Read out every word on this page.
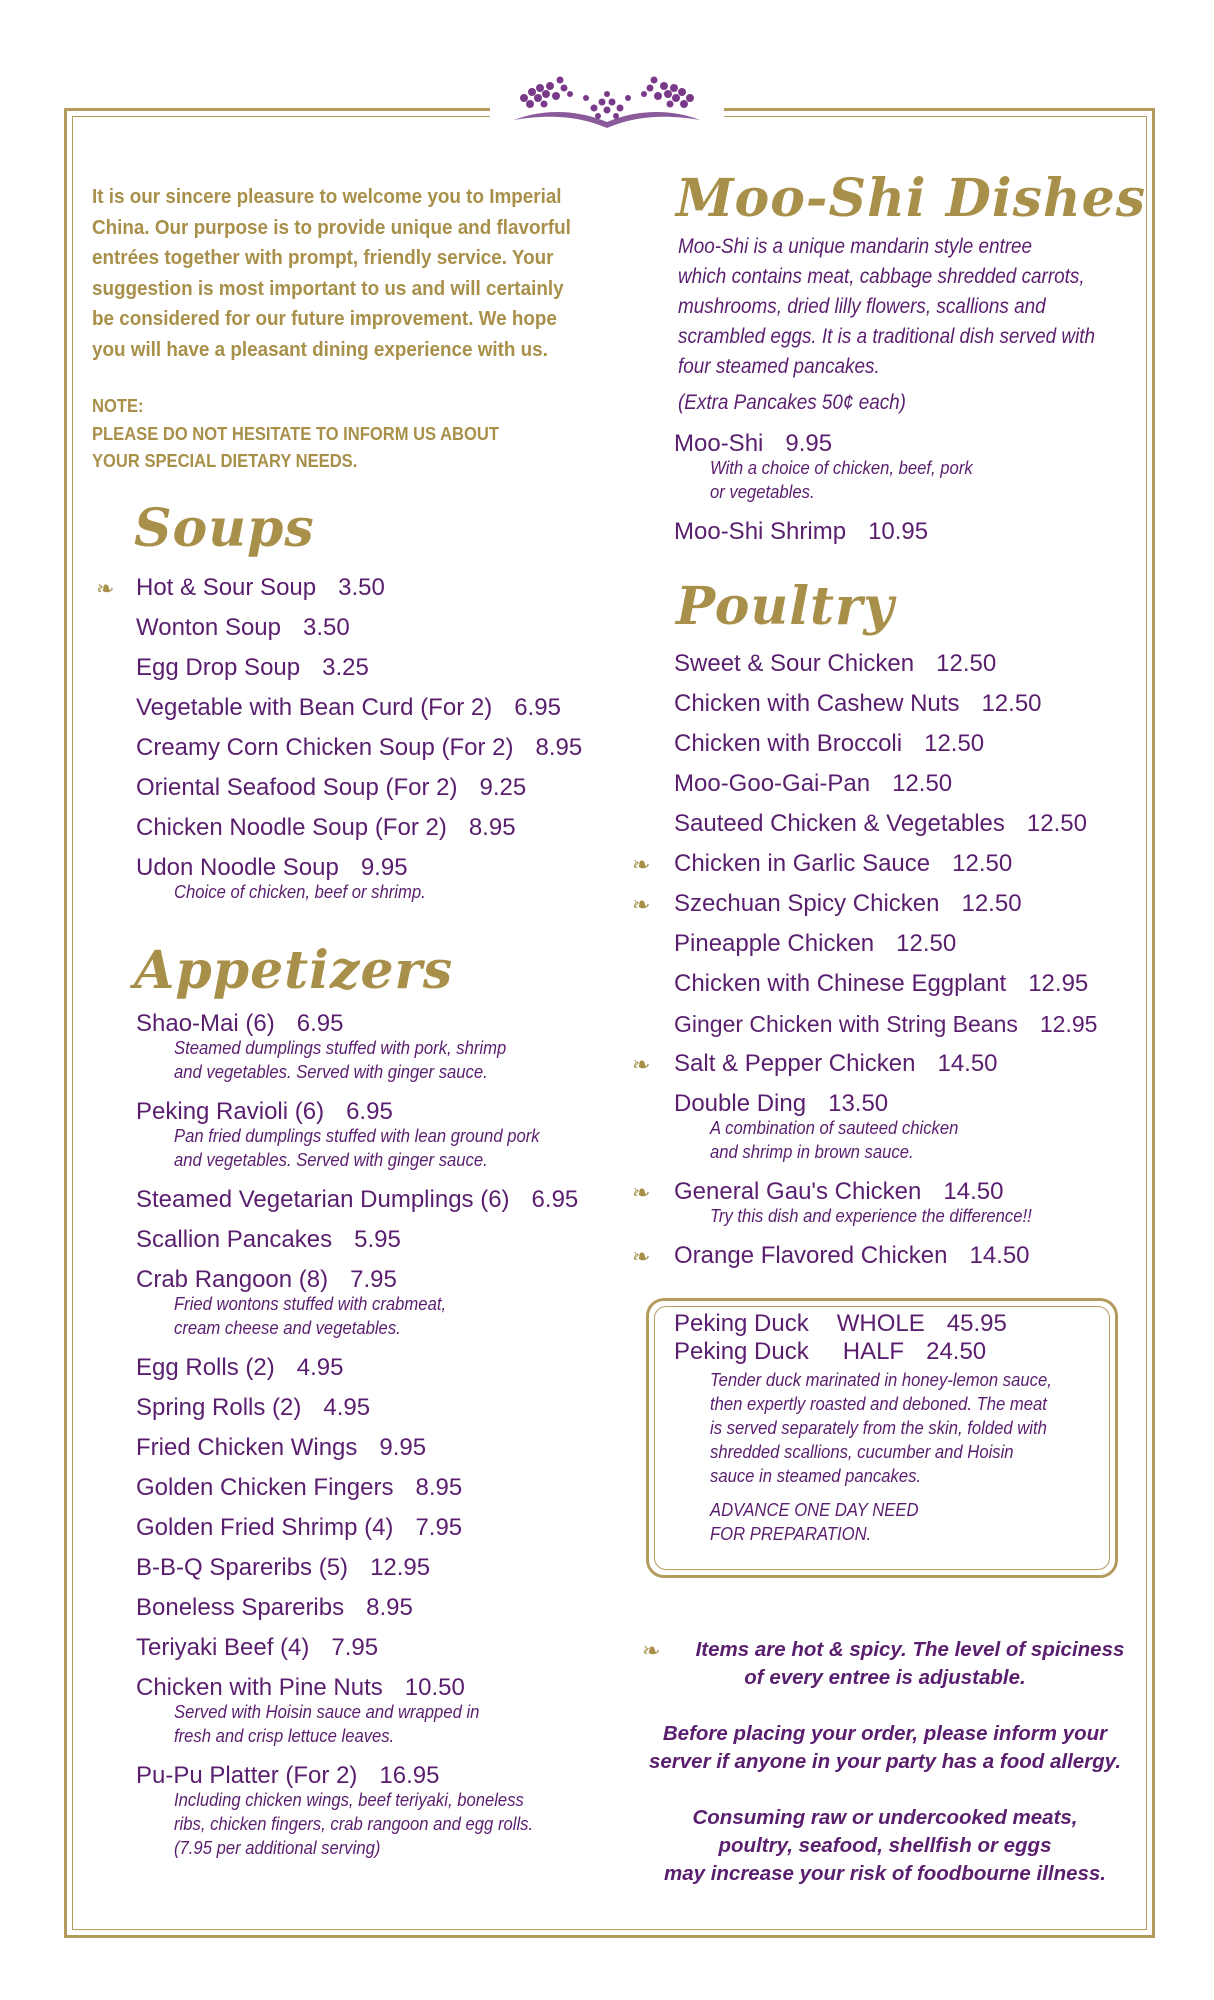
It is our sincere pleasure to welcome you to Imperial
China. Our purpose is to provide unique and flavorful
entrées together with prompt, friendly service. Your
suggestion is most important to us and will certainly
be considered for our future improvement. We hope
you will have a pleasant dining experience with us.
NOTE:
PLEASE DO NOT HESITATE TO INFORM US ABOUT
YOUR SPECIAL DIETARY NEEDS.
Soups
❧ Hot & Sour Soup 3.50
Wonton Soup 3.50
Egg Drop Soup 3.25
Vegetable with Bean Curd (For 2) 6.95
Creamy Corn Chicken Soup (For 2) 8.95
Oriental Seafood Soup (For 2) 9.25
Chicken Noodle Soup (For 2) 8.95
Udon Noodle Soup 9.95
Choice of chicken, beef or shrimp.
Appetizers
Shao-Mai (6) 6.95
Steamed dumplings stuffed with pork, shrimp
and vegetables. Served with ginger sauce.
Peking Ravioli (6) 6.95
Pan fried dumplings stuffed with lean ground pork
and vegetables. Served with ginger sauce.
Steamed Vegetarian Dumplings (6) 6.95
Scallion Pancakes 5.95
Crab Rangoon (8) 7.95
Fried wontons stuffed with crabmeat,
cream cheese and vegetables.
Egg Rolls (2) 4.95
Spring Rolls (2) 4.95
Fried Chicken Wings 9.95
Golden Chicken Fingers 8.95
Golden Fried Shrimp (4) 7.95
B-B-Q Spareribs (5) 12.95
Boneless Spareribs 8.95
Teriyaki Beef (4) 7.95
Chicken with Pine Nuts 10.50
Served with Hoisin sauce and wrapped in
fresh and crisp lettuce leaves.
Pu-Pu Platter (For 2) 16.95
Including chicken wings, beef teriyaki, boneless
ribs, chicken fingers, crab rangoon and egg rolls.
(7.95 per additional serving)
Moo-Shi Dishes
Moo-Shi is a unique mandarin style entree
which contains meat, cabbage shredded carrots,
mushrooms, dried lilly flowers, scallions and
scrambled eggs. It is a traditional dish served with
four steamed pancakes.
(Extra Pancakes 50¢ each)
Moo-Shi 9.95
With a choice of chicken, beef, pork
or vegetables.
Moo-Shi Shrimp 10.95
Poultry
Sweet & Sour Chicken 12.50
Chicken with Cashew Nuts 12.50
Chicken with Broccoli 12.50
Moo-Goo-Gai-Pan 12.50
Sauteed Chicken & Vegetables 12.50
❧ Chicken in Garlic Sauce 12.50
❧ Szechuan Spicy Chicken 12.50
Pineapple Chicken 12.50
Chicken with Chinese Eggplant 12.95
Ginger Chicken with String Beans 12.95
❧ Salt & Pepper Chicken 14.50
Double Ding 13.50
A combination of sauteed chicken
and shrimp in brown sauce.
❧ General Gau's Chicken 14.50
Try this dish and experience the difference!!
❧ Orange Flavored Chicken 14.50
Peking Duck WHOLE 45.95
Peking Duck HALF 24.50
Tender duck marinated in honey-lemon sauce,
then expertly roasted and deboned. The meat
is served separately from the skin, folded with
shredded scallions, cucumber and Hoisin
sauce in steamed pancakes.
ADVANCE ONE DAY NEED
FOR PREPARATION.
❧	Items are hot & spicy. The level of spiciness
of every entree is adjustable.
Before placing your order, please inform your
server if anyone in your party has a food allergy.
Consuming raw or undercooked meats,
poultry, seafood, shellfish or eggs
may increase your risk of foodbourne illness.
